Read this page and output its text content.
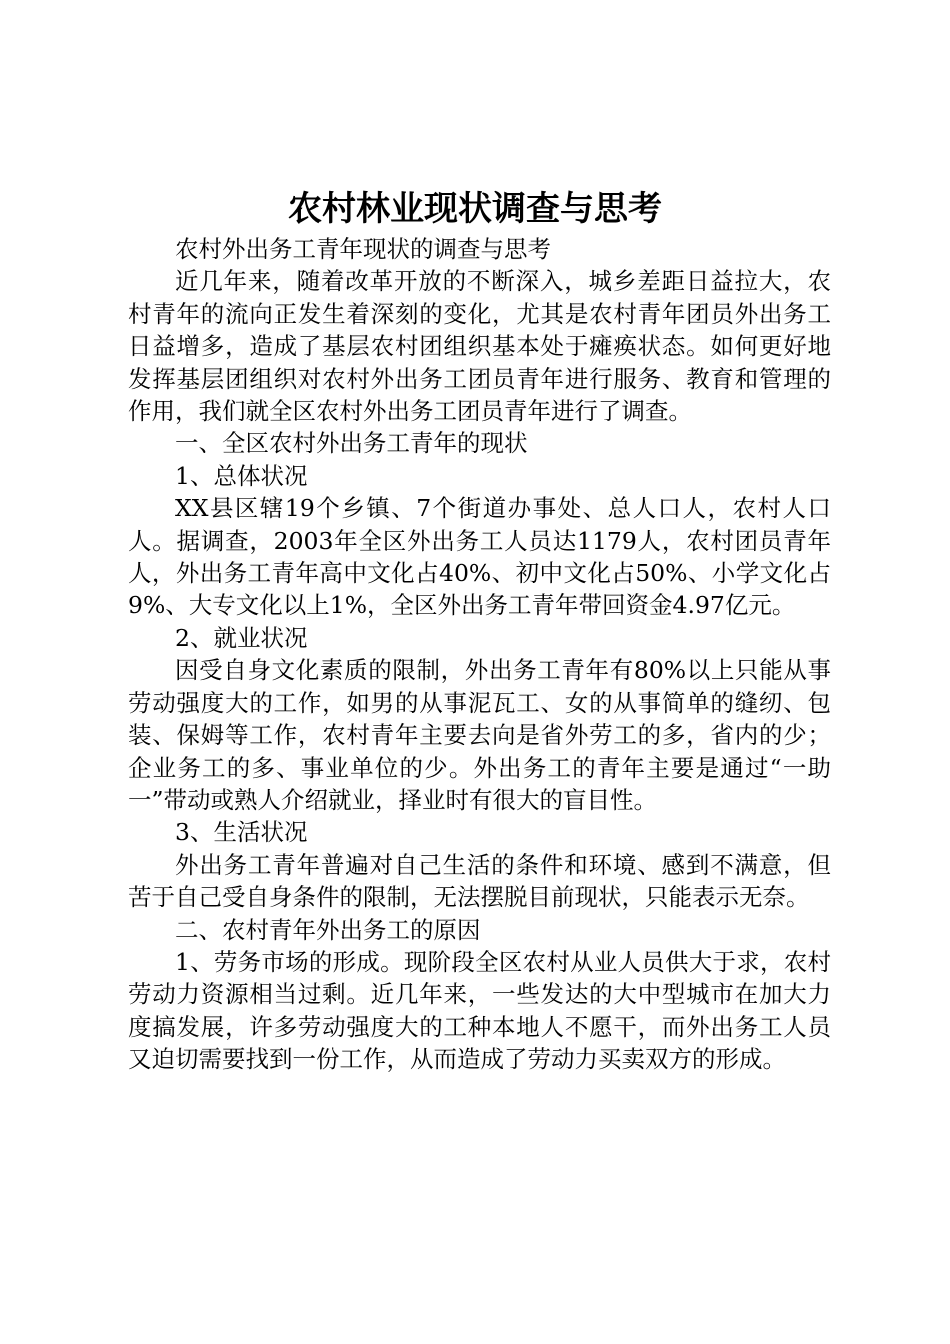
农村林业现状调查与思考

农村外出务工青年现状的调查与思考

近几年来，随着改革开放的不断深入，城乡差距日益拉大，农村青年的流向正发生着深刻的变化，尤其是农村青年团员外出务工日益增多，造成了基层农村团组织基本处于瘫痪状态。如何更好地发挥基层团组织对农村外出务工团员青年进行服务、教育和管理的作用，我们就全区农村外出务工团员青年进行了调查。

一、全区农村外出务工青年的现状

1、总体状况

XX县区辖19个乡镇、7个街道办事处、总人口人，农村人口人。据调查，2003年全区外出务工人员达1179人，农村团员青年人，外出务工青年高中文化占40%、初中文化占50%、小学文化占9%、大专文化以上1%，全区外出务工青年带回资金4.97亿元。

2、就业状况

因受自身文化素质的限制，外出务工青年有80%以上只能从事劳动强度大的工作，如男的从事泥瓦工、女的从事简单的缝纫、包装、保姆等工作，农村青年主要去向是省外劳工的多，省内的少；企业务工的多、事业单位的少。外出务工的青年主要是通过“一助一”带动或熟人介绍就业，择业时有很大的盲目性。

3、生活状况

外出务工青年普遍对自己生活的条件和环境、感到不满意，但苦于自己受自身条件的限制，无法摆脱目前现状，只能表示无奈。

二、农村青年外出务工的原因

1、劳务市场的形成。现阶段全区农村从业人员供大于求，农村劳动力资源相当过剩。近几年来，一些发达的大中型城市在加大力度搞发展，许多劳动强度大的工种本地人不愿干，而外出务工人员又迫切需要找到一份工作，从而造成了劳动力买卖双方的形成。
